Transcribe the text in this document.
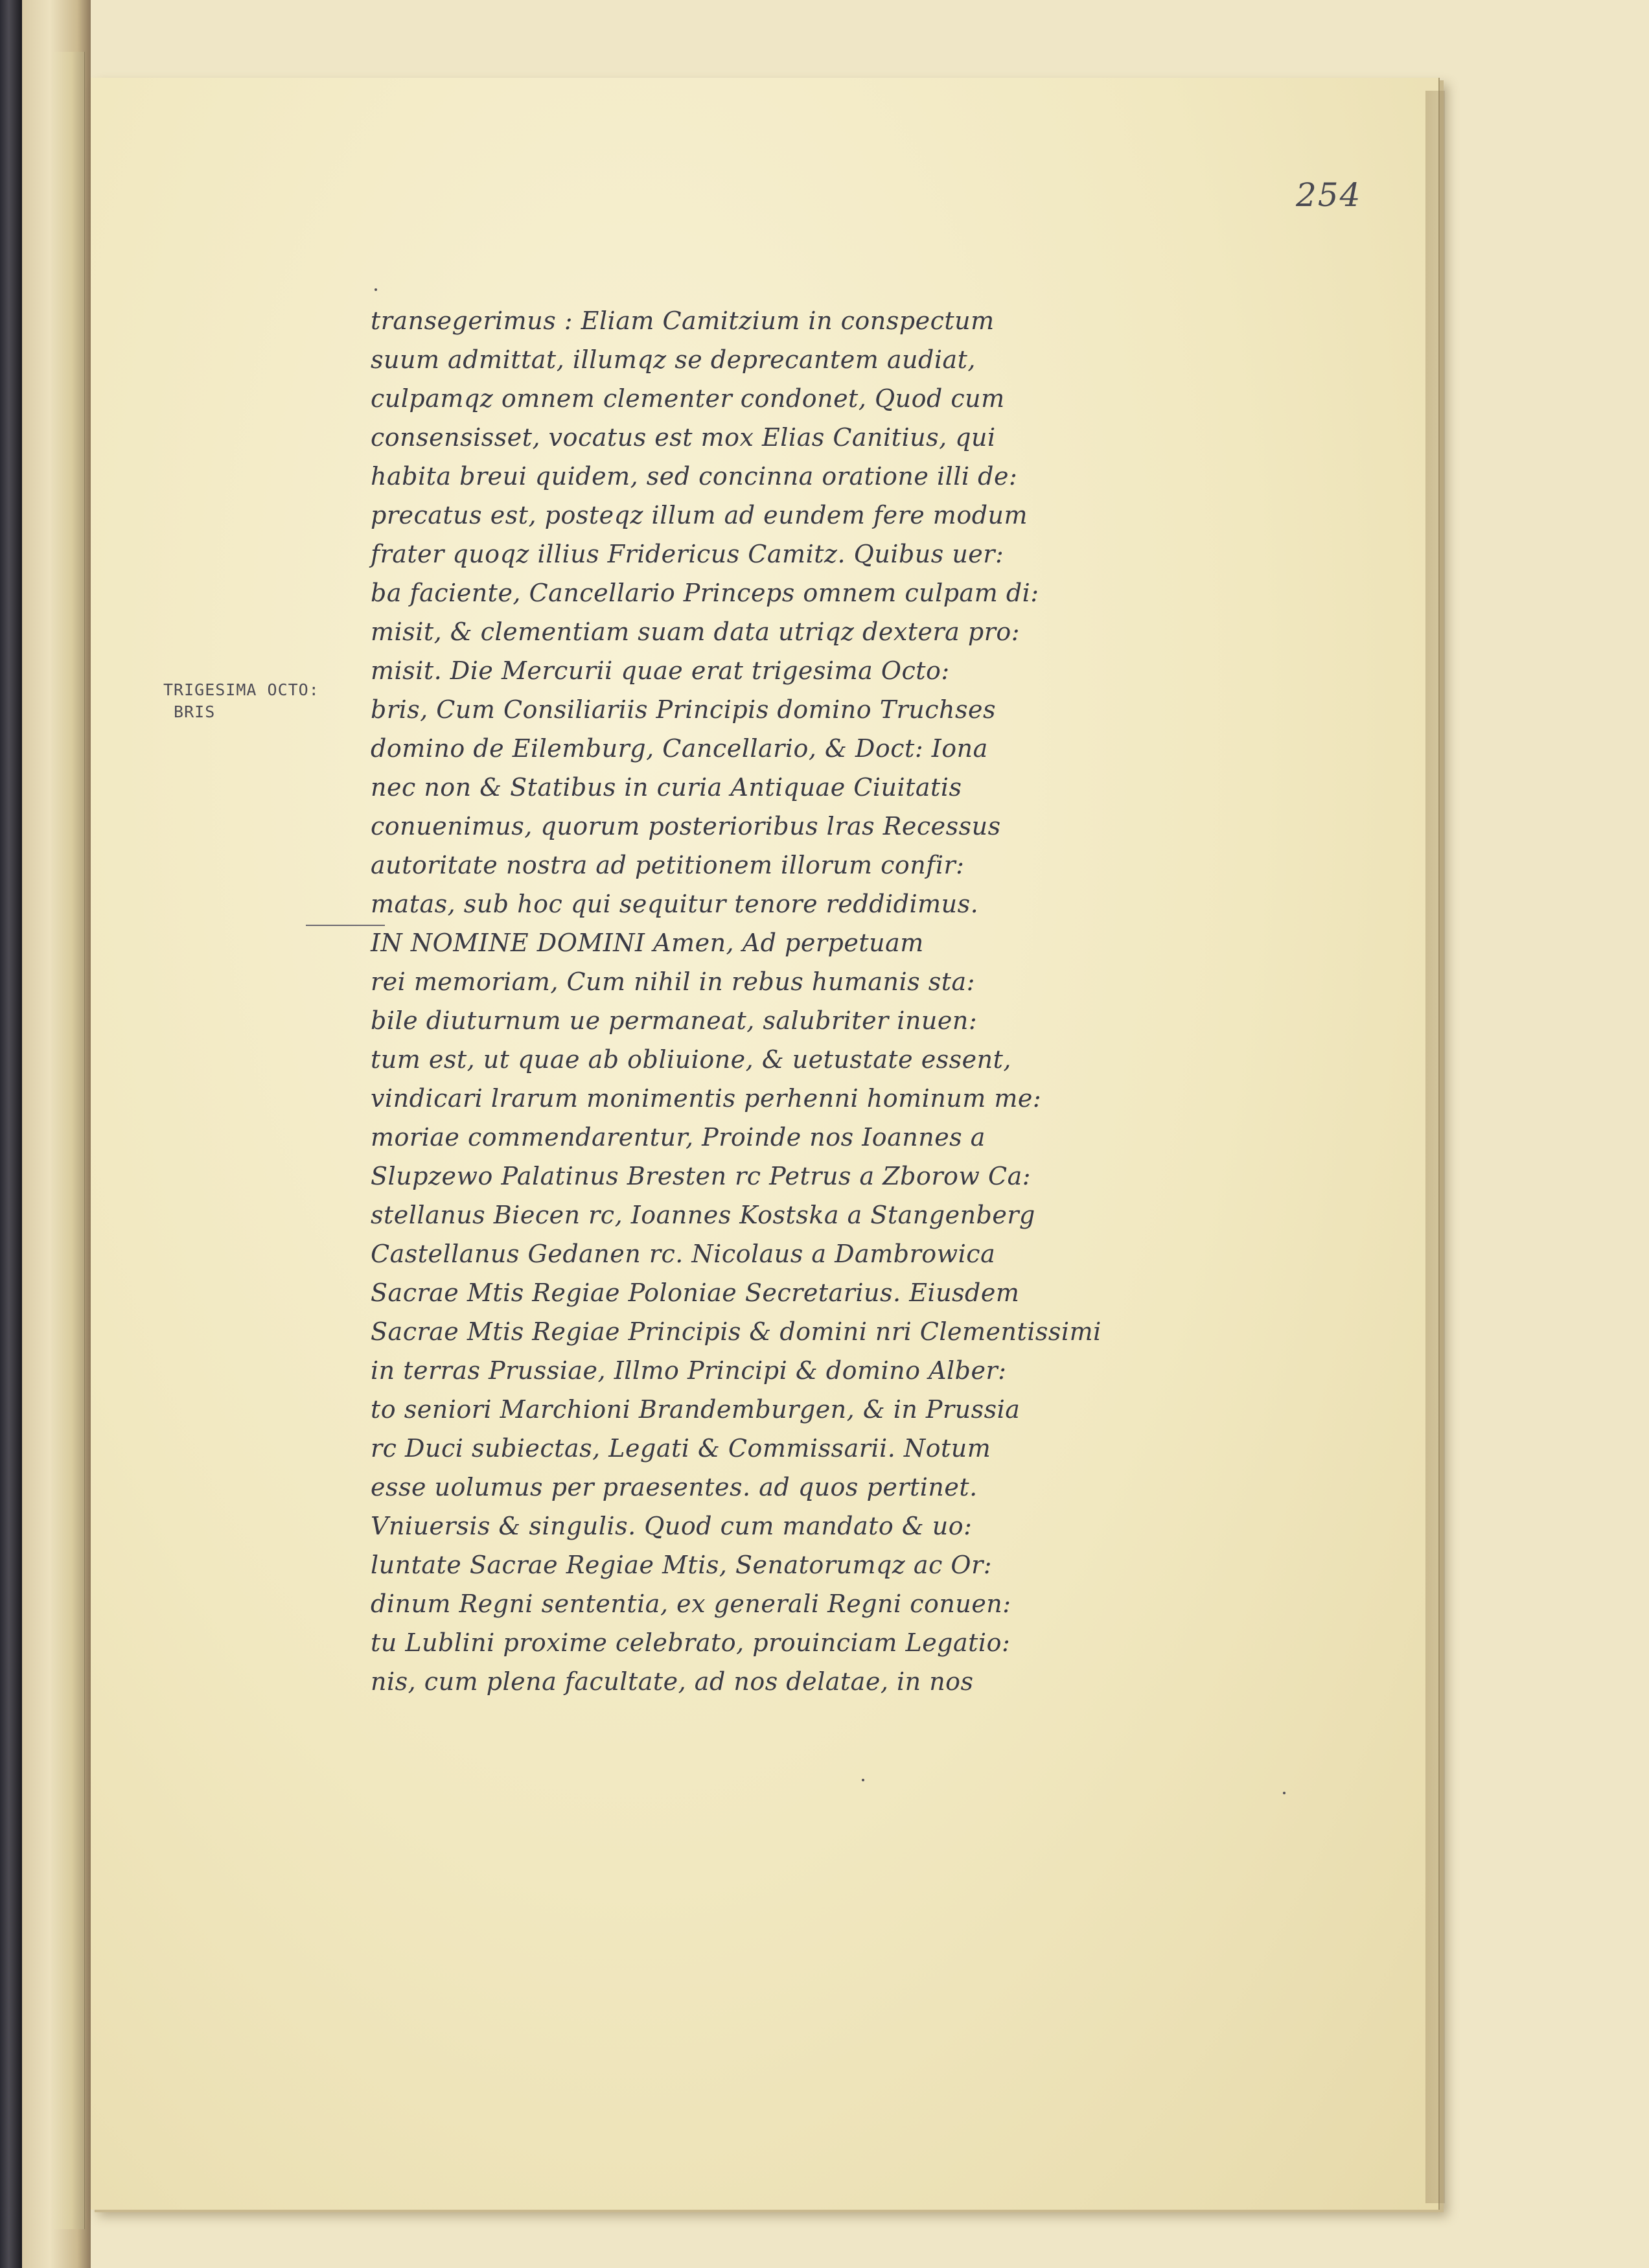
254
TRIGESIMA OCTO:
BRIS
transegerimus : Eliam Camitzium in conspectum
suum admittat, illumqz se deprecantem audiat,
culpamqz omnem clementer condonet, Quod cum
consensisset, vocatus est mox Elias Canitius, qui
habita breui quidem, sed concinna oratione illi de:
precatus est, posteqz illum ad eundem fere modum
frater quoqz illius Fridericus Camitz. Quibus uer:
ba faciente, Cancellario Princeps omnem culpam di:
misit, & clementiam suam data utriqz dextera pro:
misit. Die Mercurii quae erat trigesima Octo:
bris, Cum Consiliariis Principis domino Truchses
domino de Eilemburg, Cancellario, & Doct: Iona
nec non & Statibus in curia Antiquae Ciuitatis
conuenimus, quorum posterioribus lras Recessus
autoritate nostra ad petitionem illorum confir:
matas, sub hoc qui sequitur tenore reddidimus.
IN NOMINE DOMINI Amen, Ad perpetuam
rei memoriam, Cum nihil in rebus humanis sta:
bile diuturnum ue permaneat, salubriter inuen:
tum est, ut quae ab obliuione, & uetustate essent,
vindicari lrarum monimentis perhenni hominum me:
moriae commendarentur, Proinde nos Ioannes a
Slupzewo Palatinus Bresten rc Petrus a Zborow Ca:
stellanus Biecen rc, Ioannes Kostska a Stangenberg
Castellanus Gedanen rc. Nicolaus a Dambrowica
Sacrae Mtis Regiae Poloniae Secretarius. Eiusdem
Sacrae Mtis Regiae Principis & domini nri Clementissimi
in terras Prussiae, Illmo Principi & domino Alber:
to seniori Marchioni Brandemburgen, & in Prussia
rc Duci subiectas, Legati & Commissarii. Notum
esse uolumus per praesentes. ad quos pertinet.
Vniuersis & singulis. Quod cum mandato & uo:
luntate Sacrae Regiae Mtis, Senatorumqz ac Or:
dinum Regni sententia, ex generali Regni conuen:
tu Lublini proxime celebrato, prouinciam Legatio:
nis, cum plena facultate, ad nos delatae, in nos
